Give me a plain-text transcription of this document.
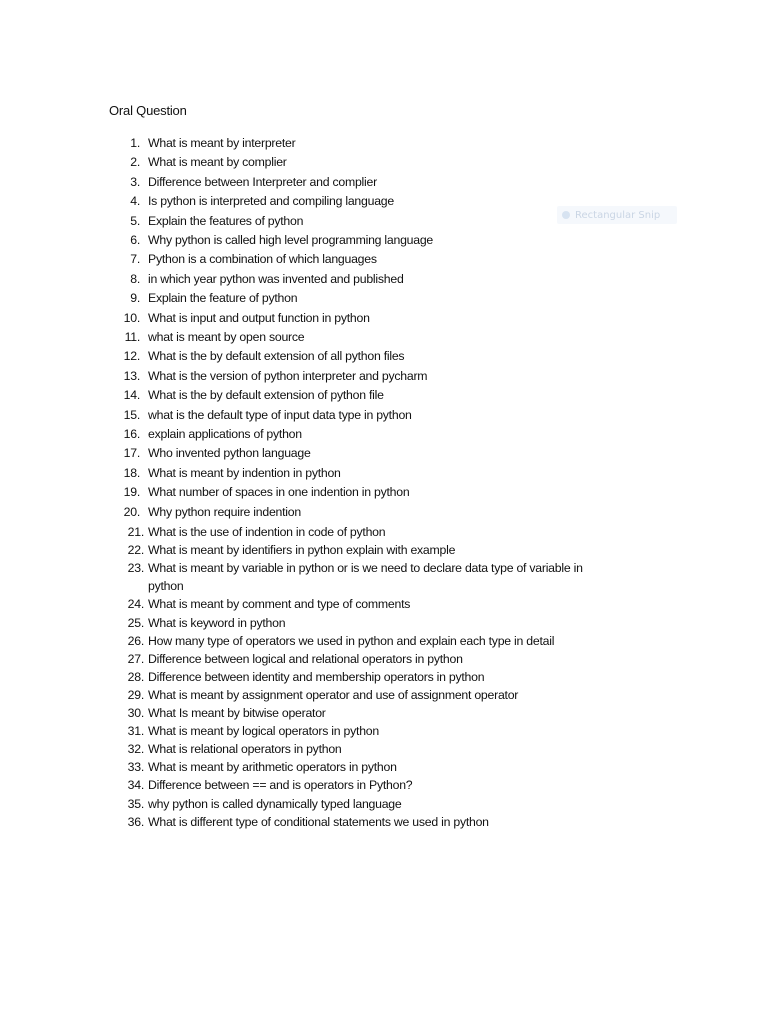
Oral Question
Rectangular Snip
1. What is meant by interpreter
2. What is meant by complier
3. Difference between Interpreter and complier
4. Is python is interpreted and compiling language
5. Explain the features of python
6. Why python is called high level programming language
7. Python is a combination of which languages
8. in which year python was invented and published
9. Explain the feature of python
10. What is input and output function in python
11. what is meant by open source
12. What is the by default extension of all python files
13. What is the version of python interpreter and pycharm
14. What is the by default extension of python file
15. what is the default type of input data type in python
16. explain applications of python
17. Who invented python language
18. What is meant by indention in python
19. What number of spaces in one indention in python
20. Why python require indention
21. What is the use of indention in code of python
22. What is meant by identifiers in python explain with example
23. What is meant by variable in python or is we need to declare data type of variable in
python
24. What is meant by comment and type of comments
25. What is keyword in python
26. How many type of operators we used in python and explain each type in detail
27. Difference between logical and relational operators in python
28. Difference between identity and membership operators in python
29. What is meant by assignment operator and use of assignment operator
30. What Is meant by bitwise operator
31. What is meant by logical operators in python
32. What is relational operators in python
33. What is meant by arithmetic operators in python
34. Difference between == and is operators in Python?
35. why python is called dynamically typed language
36. What is different type of conditional statements we used in python
